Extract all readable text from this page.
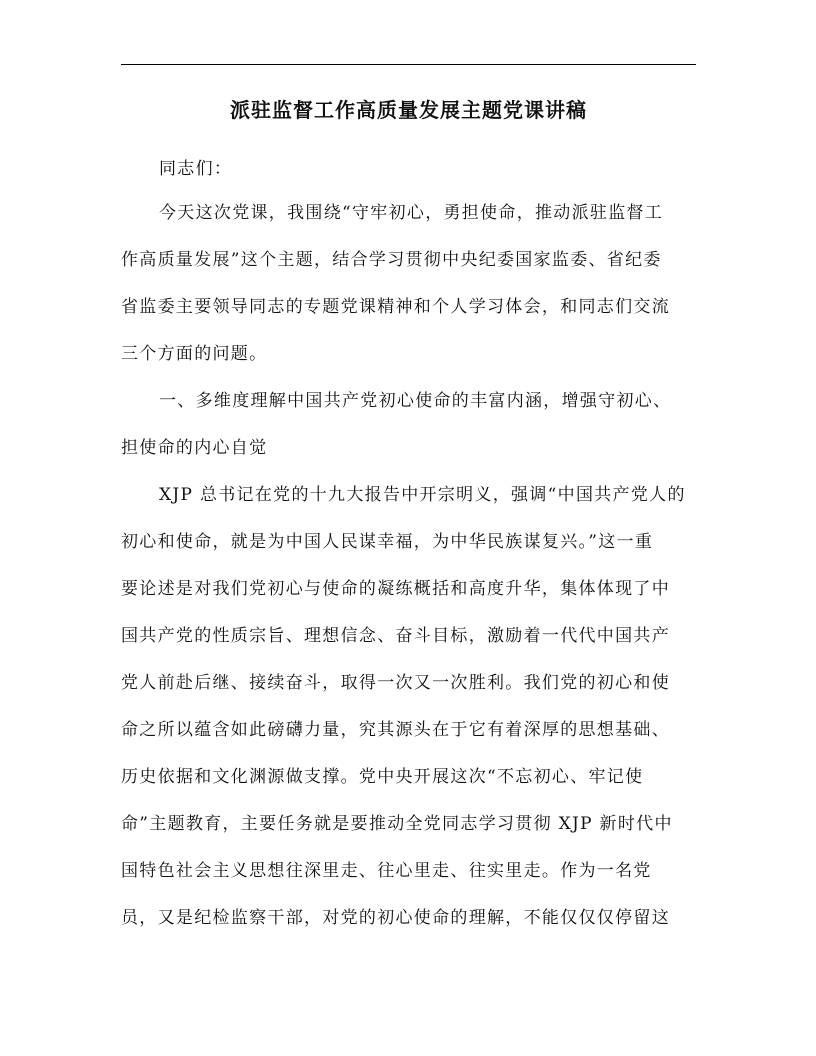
派驻监督工作高质量发展主题党课讲稿
同志们：
今天这次党课，我围绕“守牢初心，勇担使命，推动派驻监督工
作高质量发展”这个主题，结合学习贯彻中央纪委国家监委、省纪委
省监委主要领导同志的专题党课精神和个人学习体会，和同志们交流
三个方面的问题。
一、多维度理解中国共产党初心使命的丰富内涵，增强守初心、
担使命的内心自觉
XJP 总书记在党的十九大报告中开宗明义，强调“中国共产党人的
初心和使命，就是为中国人民谋幸福，为中华民族谋复兴。”这一重
要论述是对我们党初心与使命的凝练概括和高度升华，集体体现了中
国共产党的性质宗旨、理想信念、奋斗目标，激励着一代代中国共产
党人前赴后继、接续奋斗，取得一次又一次胜利。我们党的初心和使
命之所以蕴含如此磅礴力量，究其源头在于它有着深厚的思想基础、
历史依据和文化渊源做支撑。党中央开展这次“不忘初心、牢记使
命”主题教育，主要任务就是要推动全党同志学习贯彻 XJP 新时代中
国特色社会主义思想往深里走、往心里走、往实里走。作为一名党
员，又是纪检监察干部，对党的初心使命的理解，不能仅仅仅停留这
